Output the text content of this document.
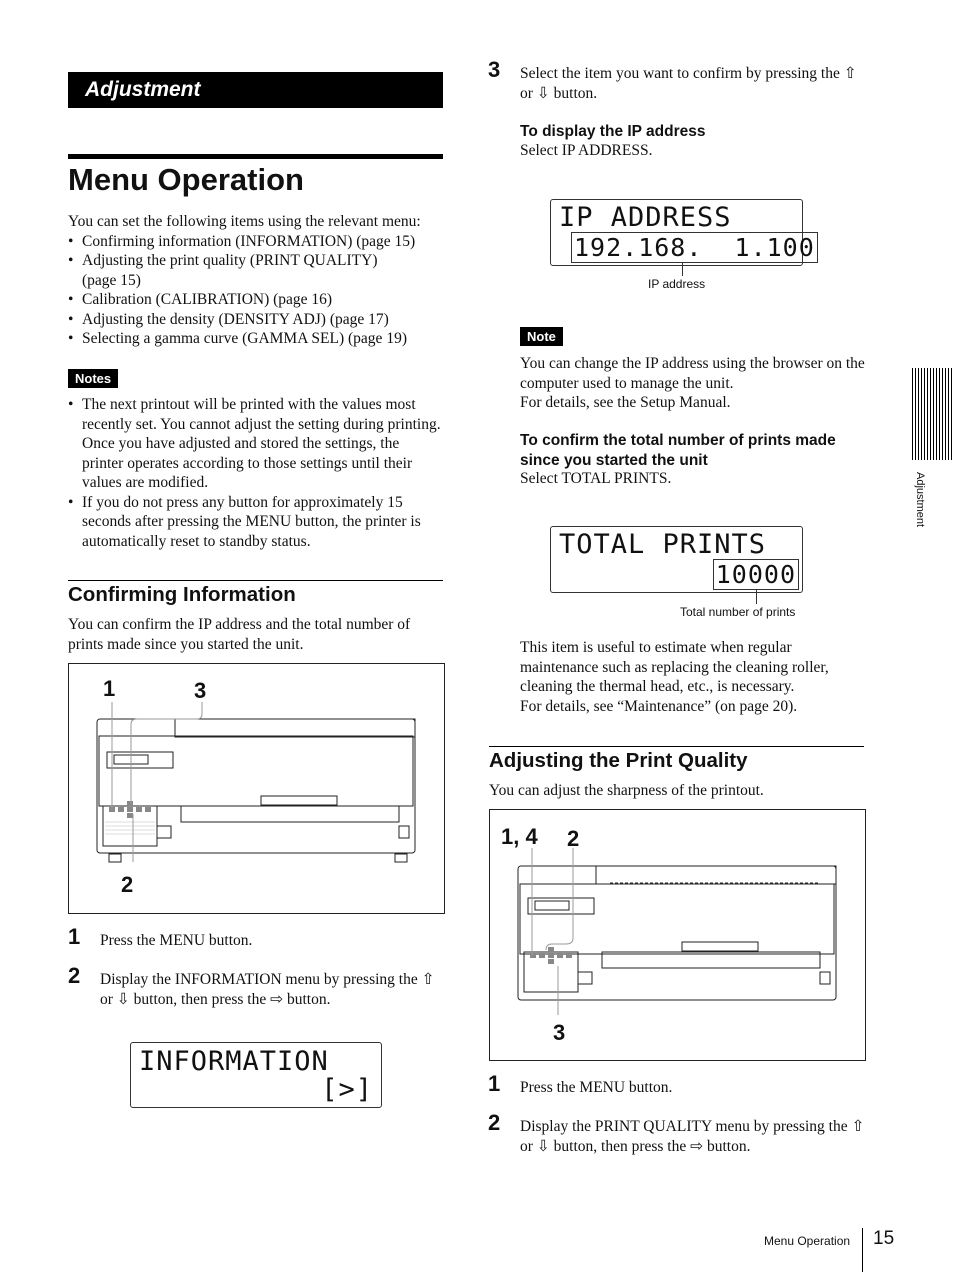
Adjustment
Menu Operation
You can set the following items using the relevant menu:
• Confirming information (INFORMATION) (page 15)
• Adjusting the print quality (PRINT QUALITY) (page 15)
• Calibration (CALIBRATION) (page 16)
• Adjusting the density (DENSITY ADJ) (page 17)
• Selecting a gamma curve (GAMMA SEL) (page 19)
Notes
• The next printout will be printed with the values most recently set. You cannot adjust the setting during printing. Once you have adjusted and stored the settings, the printer operates according to those settings until their values are modified.
• If you do not press any button for approximately 15 seconds after pressing the MENU button, the printer is automatically reset to standby status.
Confirming Information
You can confirm the IP address and the total number of prints made since you started the unit.
1	3
2
1 Press the MENU button.
2 Display the INFORMATION menu by pressing the ⇧ or ⇩ button, then press the ⇨ button.
INFORMATION
[>]
3 Select the item you want to confirm by pressing the ⇧ or ⇩ button.
To display the IP address
Select IP ADDRESS.
IP ADDRESS
192.168.  1.100
IP address
Note
You can change the IP address using the browser on the computer used to manage the unit.
For details, see the Setup Manual.
To confirm the total number of prints made since you started the unit
Select TOTAL PRINTS.
TOTAL PRINTS
10000
Total number of prints
This item is useful to estimate when regular maintenance such as replacing the cleaning roller, cleaning the thermal head, etc., is necessary.
For details, see “Maintenance” (on page 20).
Adjusting the Print Quality
You can adjust the sharpness of the printout.
1, 4 2
3
1 Press the MENU button.
2 Display the PRINT QUALITY menu by pressing the ⇧ or ⇩ button, then press the ⇨ button.
Adjustment
Menu Operation 15
